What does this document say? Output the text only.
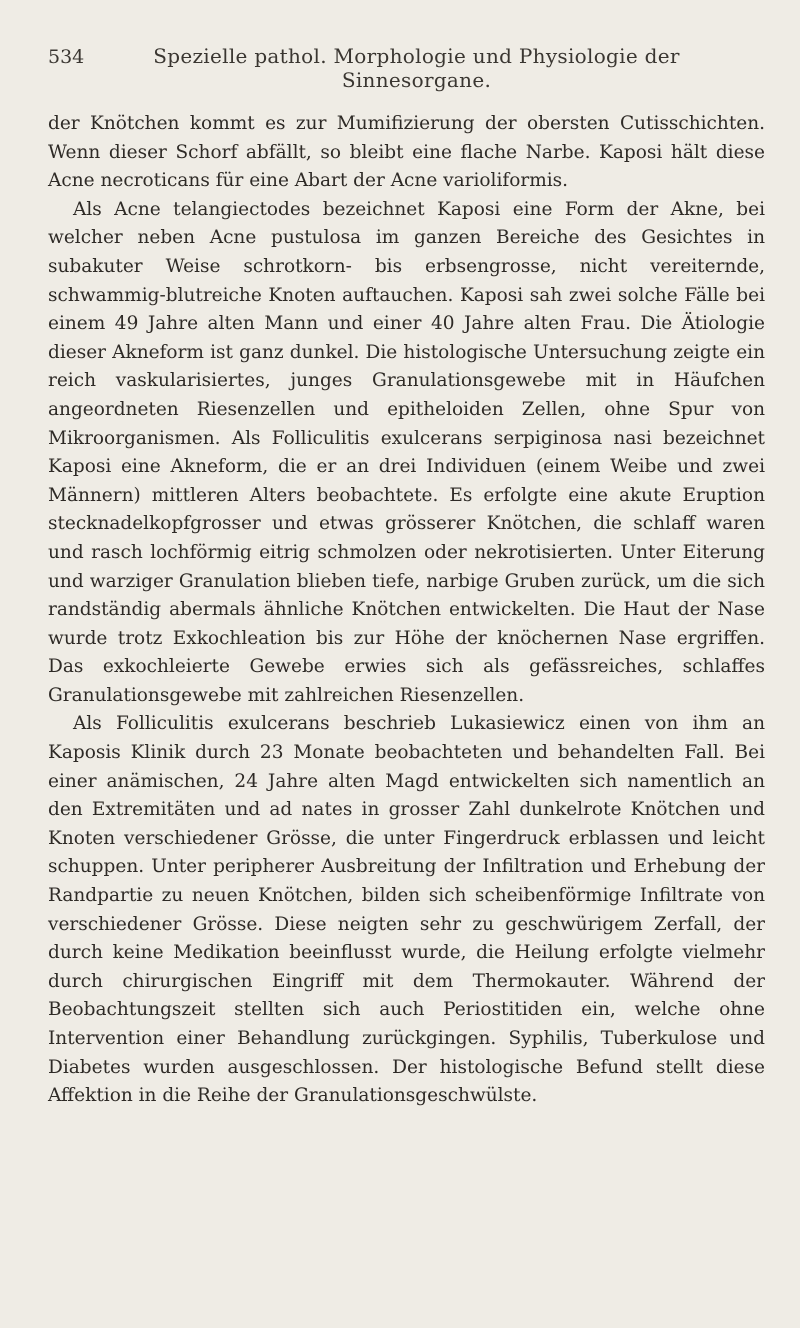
534	Spezielle pathol. Morphologie und Physiologie der Sinnesorgane.

der Knötchen kommt es zur Mumifizierung der obersten Cutisschichten. Wenn dieser Schorf abfällt, so bleibt eine flache Narbe. Kaposi hält diese Acne necroticans für eine Abart der Acne varioliformis.

Als Acne telangiectodes bezeichnet Kaposi eine Form der Akne, bei welcher neben Acne pustulosa im ganzen Bereiche des Gesichtes in subakuter Weise schrotkorn- bis erbsengrosse, nicht vereiternde, schwammig-blutreiche Knoten auftauchen. Kaposi sah zwei solche Fälle bei einem 49 Jahre alten Mann und einer 40 Jahre alten Frau. Die Ätiologie dieser Akneform ist ganz dunkel. Die histologische Untersuchung zeigte ein reich vaskularisiertes, junges Granulationsgewebe mit in Häufchen angeordneten Riesenzellen und epitheloiden Zellen, ohne Spur von Mikroorganismen. Als Folliculitis exulcerans serpiginosa nasi bezeichnet Kaposi eine Akneform, die er an drei Individuen (einem Weibe und zwei Männern) mittleren Alters beobachtete. Es erfolgte eine akute Eruption stecknadelkopfgrosser und etwas grösserer Knötchen, die schlaff waren und rasch lochförmig eitrig schmolzen oder nekrotisierten. Unter Eiterung und warziger Granulation blieben tiefe, narbige Gruben zurück, um die sich randständig abermals ähnliche Knötchen entwickelten. Die Haut der Nase wurde trotz Exkochleation bis zur Höhe der knöchernen Nase ergriffen. Das exkochleierte Gewebe erwies sich als gefässreiches, schlaffes Granulationsgewebe mit zahlreichen Riesenzellen.

Als Folliculitis exulcerans beschrieb Lukasiewicz einen von ihm an Kaposis Klinik durch 23 Monate beobachteten und behandelten Fall. Bei einer anämischen, 24 Jahre alten Magd entwickelten sich namentlich an den Extremitäten und ad nates in grosser Zahl dunkelrote Knötchen und Knoten verschiedener Grösse, die unter Fingerdruck erblassen und leicht schuppen. Unter peripherer Ausbreitung der Infiltration und Erhebung der Randpartie zu neuen Knötchen, bilden sich scheibenförmige Infiltrate von verschiedener Grösse. Diese neigten sehr zu geschwürigem Zerfall, der durch keine Medikation beeinflusst wurde, die Heilung erfolgte vielmehr durch chirurgischen Eingriff mit dem Thermokauter. Während der Beobachtungszeit stellten sich auch Periostitiden ein, welche ohne Intervention einer Behandlung zurückgingen. Syphilis, Tuberkulose und Diabetes wurden ausgeschlossen. Der histologische Befund stellt diese Affektion in die Reihe der Granulationsgeschwülste.
